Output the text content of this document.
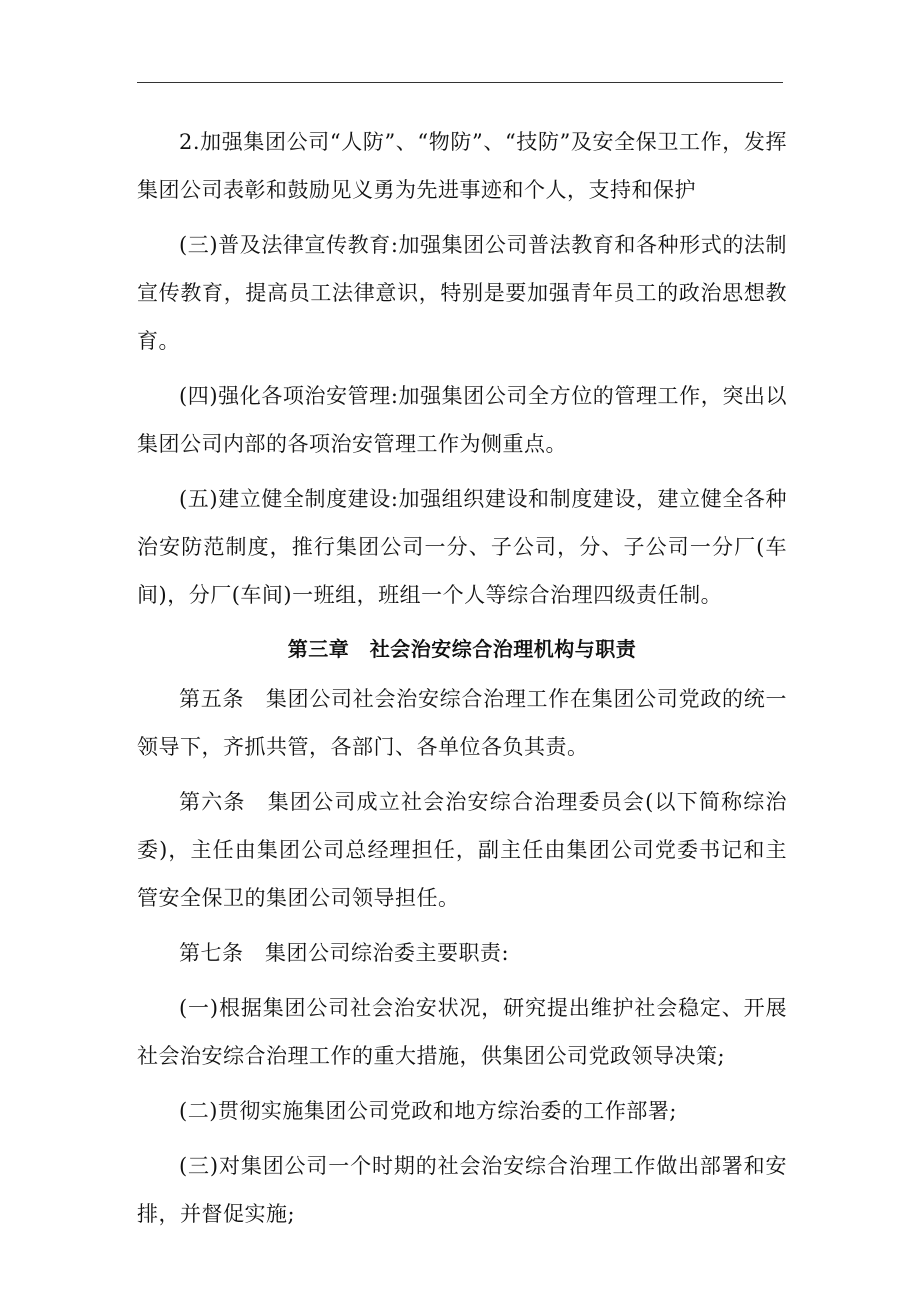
2.加强集团公司“人防”、“物防”、“技防”及安全保卫工作，发挥集团公司表彰和鼓励见义勇为先进事迹和个人，支持和保护

(三)普及法律宣传教育:加强集团公司普法教育和各种形式的法制宣传教育，提高员工法律意识，特别是要加强青年员工的政治思想教育。

(四)强化各项治安管理:加强集团公司全方位的管理工作，突出以集团公司内部的各项治安管理工作为侧重点。

(五)建立健全制度建设:加强组织建设和制度建设，建立健全各种治安防范制度，推行集团公司一分、子公司，分、子公司一分厂(车间)，分厂(车间)一班组，班组一个人等综合治理四级责任制。

第三章　社会治安综合治理机构与职责

第五条　集团公司社会治安综合治理工作在集团公司党政的统一领导下，齐抓共管，各部门、各单位各负其责。

第六条　集团公司成立社会治安综合治理委员会(以下简称综治委)，主任由集团公司总经理担任，副主任由集团公司党委书记和主管安全保卫的集团公司领导担任。

第七条　集团公司综治委主要职责:

(一)根据集团公司社会治安状况，研究提出维护社会稳定、开展社会治安综合治理工作的重大措施，供集团公司党政领导决策;

(二)贯彻实施集团公司党政和地方综治委的工作部署;

(三)对集团公司一个时期的社会治安综合治理工作做出部署和安排，并督促实施;
